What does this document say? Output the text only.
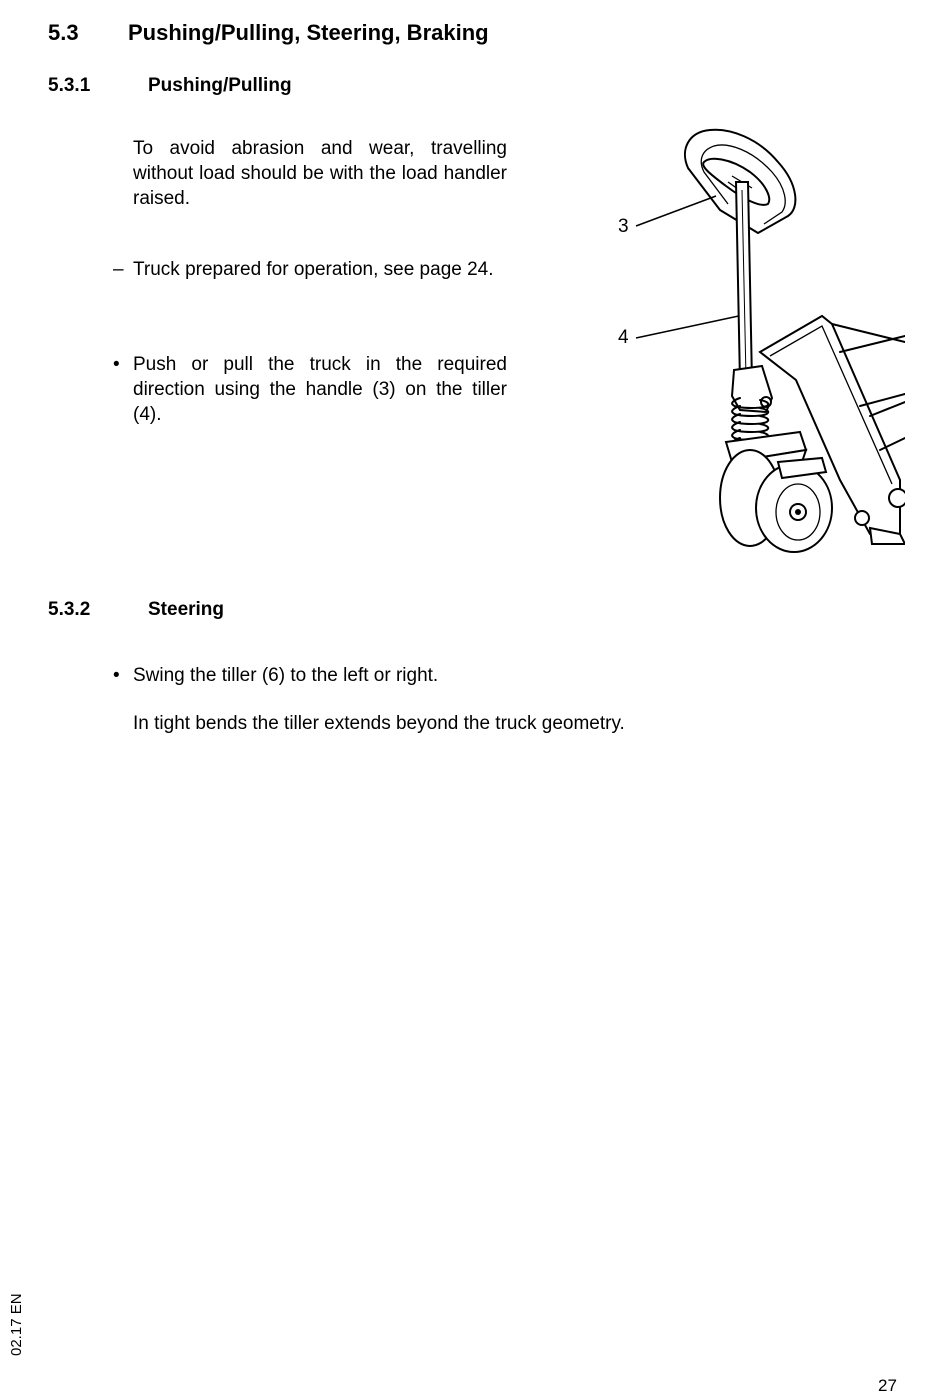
5.3 Pushing/Pulling, Steering, Braking
5.3.1	Pushing/Pulling
To avoid abrasion and wear, travelling without load should be with the load handler raised.
– Truck prepared for operation, see page 24.
• Push or pull the truck in the required direction using the handle (3) on the tiller (4).
3
4
5.3.2	Steering
• Swing the tiller (6) to the left or right.
In tight bends the tiller extends beyond the truck geometry.
02.17 EN
27
